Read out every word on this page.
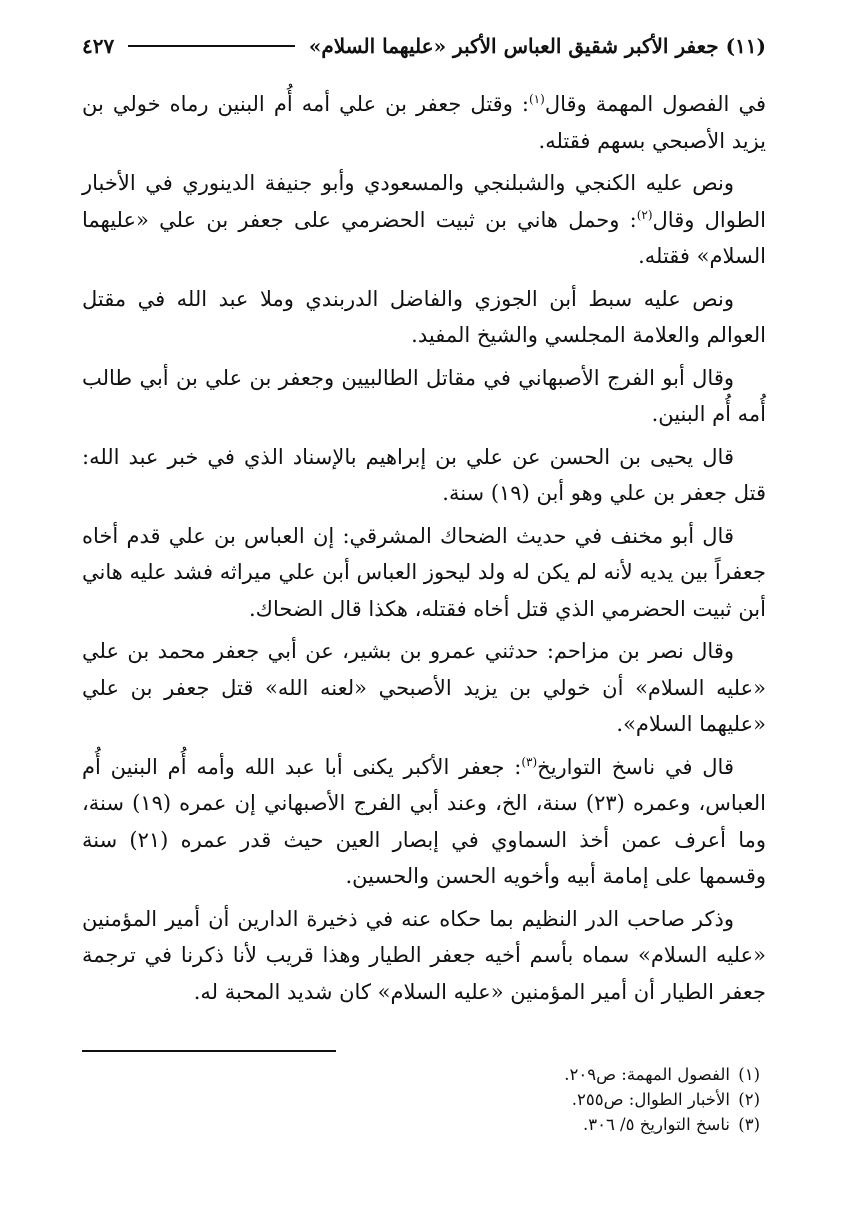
(١١) جعفر الأكبر شقيق العباس الأكبر «عليهما السلام»
٤٢٧

في الفصول المهمة وقال$^{(١)}$: وقتل جعفر بن علي أمه أُم البنين رماه خولي بن يزيد الأصبحي بسهم فقتله.

ونص عليه الكنجي والشبلنجي والمسعودي وأبو جنيفة الدينوري في الأخبار الطوال وقال$^{(٢)}$: وحمل هاني بن ثبيت الحضرمي على جعفر بن علي «عليهما السلام» فقتله.

ونص عليه سبط أبن الجوزي والفاضل الدربندي وملا عبد الله في مقتل العوالم والعلامة المجلسي والشيخ المفيد.

وقال أبو الفرج الأصبهاني في مقاتل الطالبيين وجعفر بن علي بن أبي طالب أُمه أُم البنين.

قال يحيى بن الحسن عن علي بن إبراهيم بالإسناد الذي في خبر عبد الله: قتل جعفر بن علي وهو أبن (١٩) سنة.

قال أبو مخنف في حديث الضحاك المشرقي: إن العباس بن علي قدم أخاه جعفراً بين يديه لأنه لم يكن له ولد ليحوز العباس أبن علي ميراثه فشد عليه هاني أبن ثبيت الحضرمي الذي قتل أخاه فقتله، هكذا قال الضحاك.

وقال نصر بن مزاحم: حدثني عمرو بن بشير، عن أبي جعفر محمد بن علي «عليه السلام» أن خولي بن يزيد الأصبحي «لعنه الله» قتل جعفر بن علي «عليهما السلام».

قال في ناسخ التواريخ$^{(٣)}$: جعفر الأكبر يكنى أبا عبد الله وأمه أُم البنين أُم العباس، وعمره (٢٣) سنة، الخ، وعند أبي الفرج الأصبهاني إن عمره (١٩) سنة، وما أعرف عمن أخذ السماوي في إبصار العين حيث قدر عمره (٢١) سنة وقسمها على إمامة أبيه وأخويه الحسن والحسين.

وذكر صاحب الدر النظيم بما حكاه عنه في ذخيرة الدارين أن أمير المؤمنين «عليه السلام» سماه بأسم أخيه جعفر الطيار وهذا قريب لأنا ذكرنا في ترجمة جعفر الطيار أن أمير المؤمنين «عليه السلام» كان شديد المحبة له.

(١)الفصول المهمة: ص٢٠٩.
(٢)الأخبار الطوال: ص٢٥٥.
(٣)ناسخ التواريخ ٥/ ٣٠٦.
